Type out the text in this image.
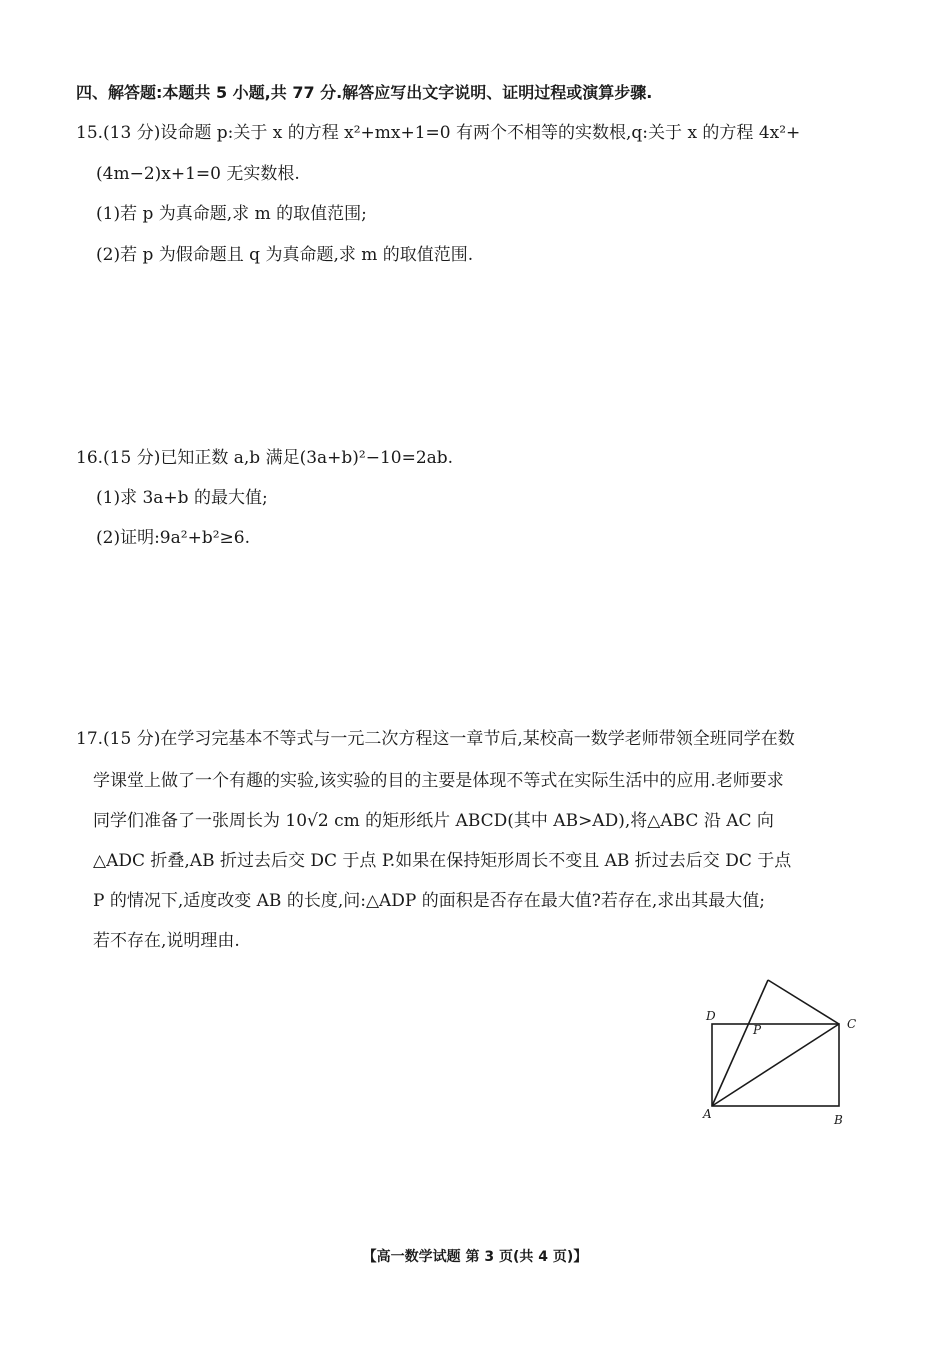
四、解答题:本题共 5 小题,共 77 分.解答应写出文字说明、证明过程或演算步骤.
15.(13 分)设命题 p:关于 x 的方程 x²+mx+1=0 有两个不相等的实数根,q:关于 x 的方程 4x²+
(4m−2)x+1=0 无实数根.
(1)若 p 为真命题,求 m 的取值范围;
(2)若 p 为假命题且 q 为真命题,求 m 的取值范围.
16.(15 分)已知正数 a,b 满足(3a+b)²−10=2ab.
(1)求 3a+b 的最大值;
(2)证明:9a²+b²≥6.
17.(15 分)在学习完基本不等式与一元二次方程这一章节后,某校高一数学老师带领全班同学在数
学课堂上做了一个有趣的实验,该实验的目的主要是体现不等式在实际生活中的应用.老师要求
同学们准备了一张周长为 10√2 cm 的矩形纸片 ABCD(其中 AB>AD),将△ABC 沿 AC 向
△ADC 折叠,AB 折过去后交 DC 于点 P.如果在保持矩形周长不变且 AB 折过去后交 DC 于点
P 的情况下,适度改变 AB 的长度,问:△ADP 的面积是否存在最大值?若存在,求出其最大值;
若不存在,说明理由.
D
P	C
A	B
【高一数学试题 第 3 页(共 4 页)】
